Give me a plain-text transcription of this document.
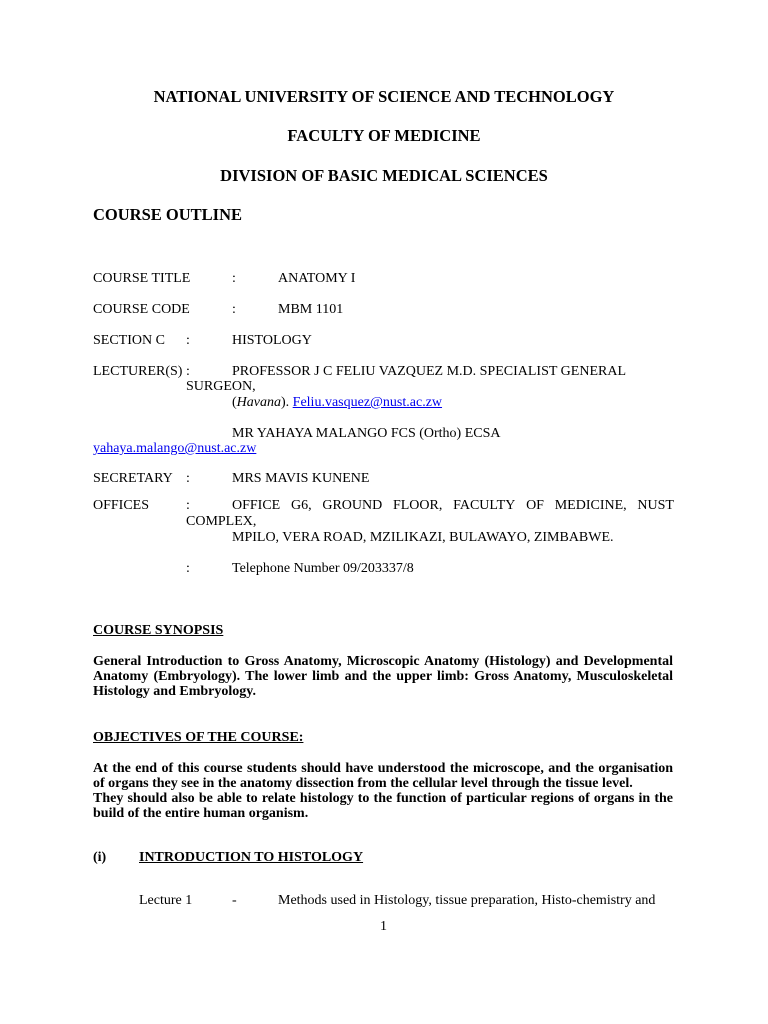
NATIONAL UNIVERSITY OF SCIENCE AND TECHNOLOGY
FACULTY OF MEDICINE
DIVISION OF BASIC MEDICAL SCIENCES
COURSE OUTLINE
COURSE TITLE	:	ANATOMY I
COURSE CODE	:	MBM 1101
SECTION C :	HISTOLOGY
LECTURER(S) :	PROFESSOR J C FELIU VAZQUEZ M.D. SPECIALIST GENERAL
SURGEON,
(Havana). Feliu.vasquez@nust.ac.zw
MR YAHAYA MALANGO FCS (Ortho) ECSA
yahaya.malango@nust.ac.zw
SECRETARY :	MRS MAVIS KUNENE
OFFICES	:	OFFICE G6, GROUND FLOOR, FACULTY OF MEDICINE, NUST
COMPLEX,
MPILO, VERA ROAD, MZILIKAZI, BULAWAYO, ZIMBABWE.
:	Telephone Number 09/203337/8
COURSE SYNOPSIS
General Introduction to Gross Anatomy, Microscopic Anatomy (Histology) and Developmental
Anatomy (Embryology). The lower limb and the upper limb: Gross Anatomy, Musculoskeletal
Histology and Embryology.
OBJECTIVES OF THE COURSE:
At the end of this course students should have understood the microscope, and the organisation
of organs they see in the anatomy dissection from the cellular level through the tissue level.
They should also be able to relate histology to the function of particular regions of organs in the
build of the entire human organism.
(i) INTRODUCTION TO HISTOLOGY
Lecture 1	-	Methods used in Histology, tissue preparation, Histo-chemistry and
1
